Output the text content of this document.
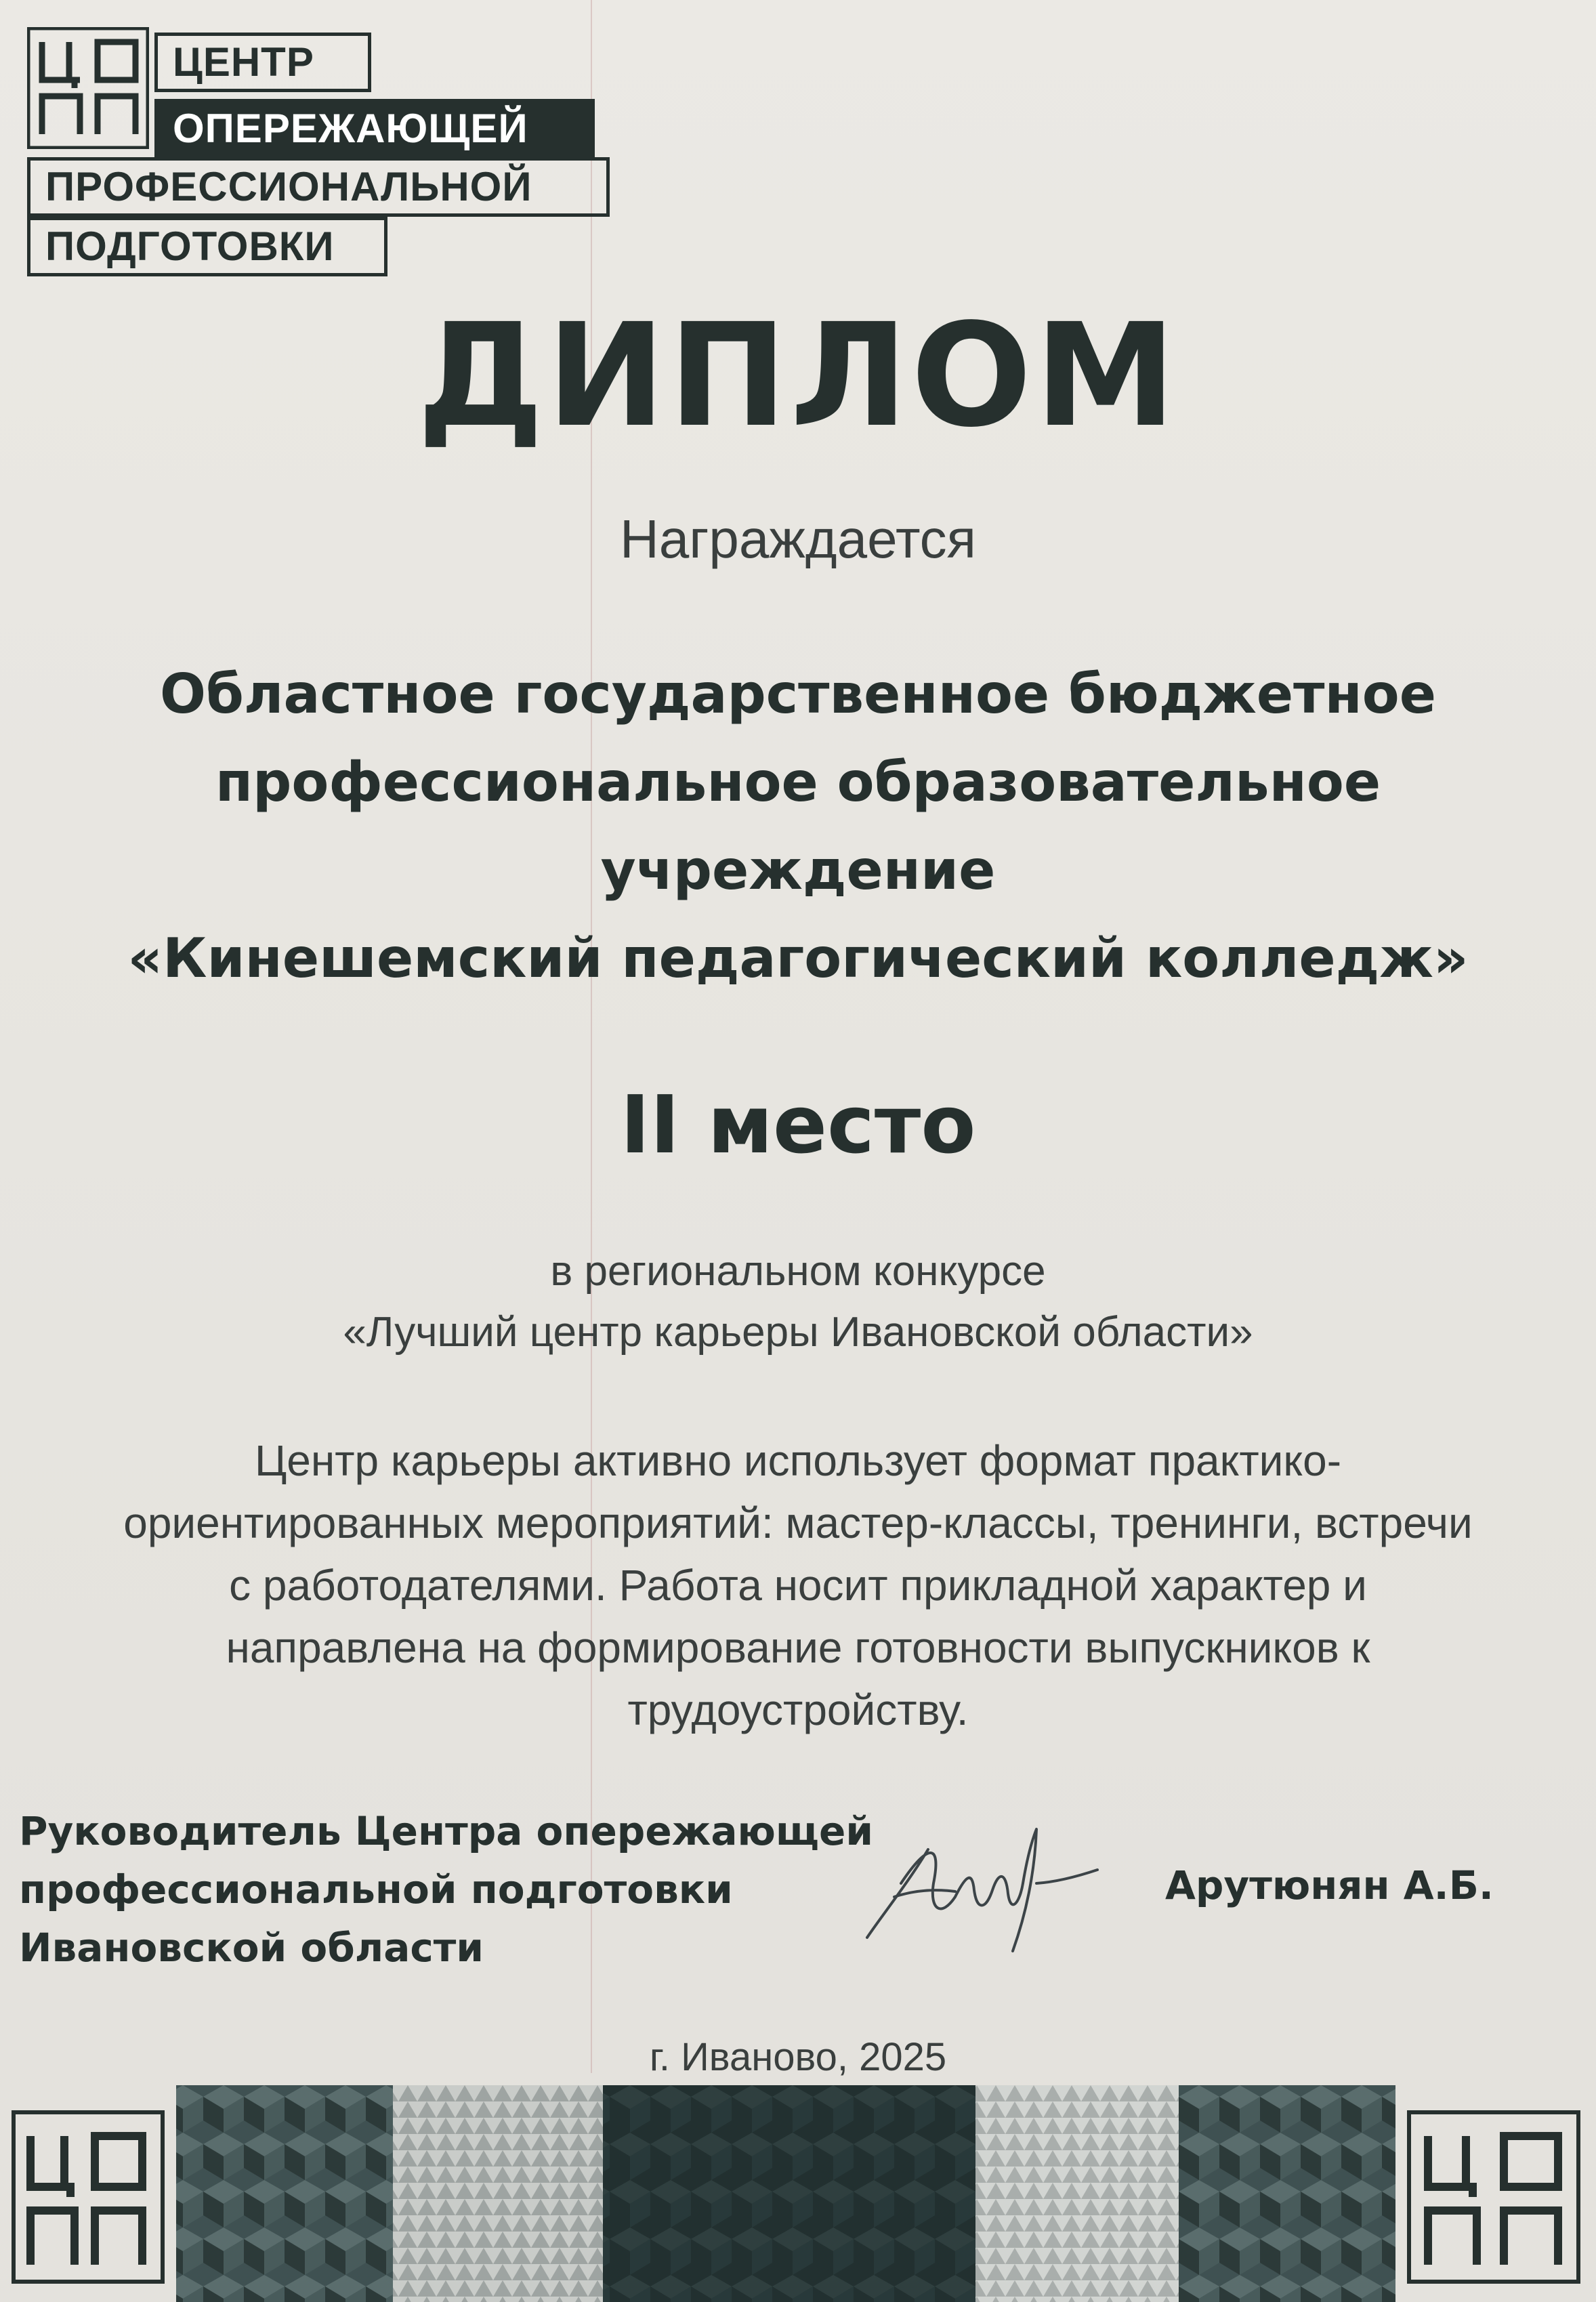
ЦЕНТР
ОПЕРЕЖАЮЩЕЙ
ПРОФЕССИОНАЛЬНОЙ
ПОДГОТОВКИ
ДИПЛОМ
Награждается
Областное государственное бюджетное
профессиональное образовательное
учреждение
«Кинешемский педагогический колледж»
II место
в региональном конкурсе
«Лучший центр карьеры Ивановской области»
Центр карьеры активно использует формат практико-
ориентированных мероприятий: мастер-классы, тренинги, встречи
с работодателями. Работа носит прикладной характер и
направлена на формирование готовности выпускников к
трудоустройству.
Руководитель Центра опережающей
профессиональной подготовки
Ивановской области
Арутюнян А.Б.
г. Иваново, 2025
